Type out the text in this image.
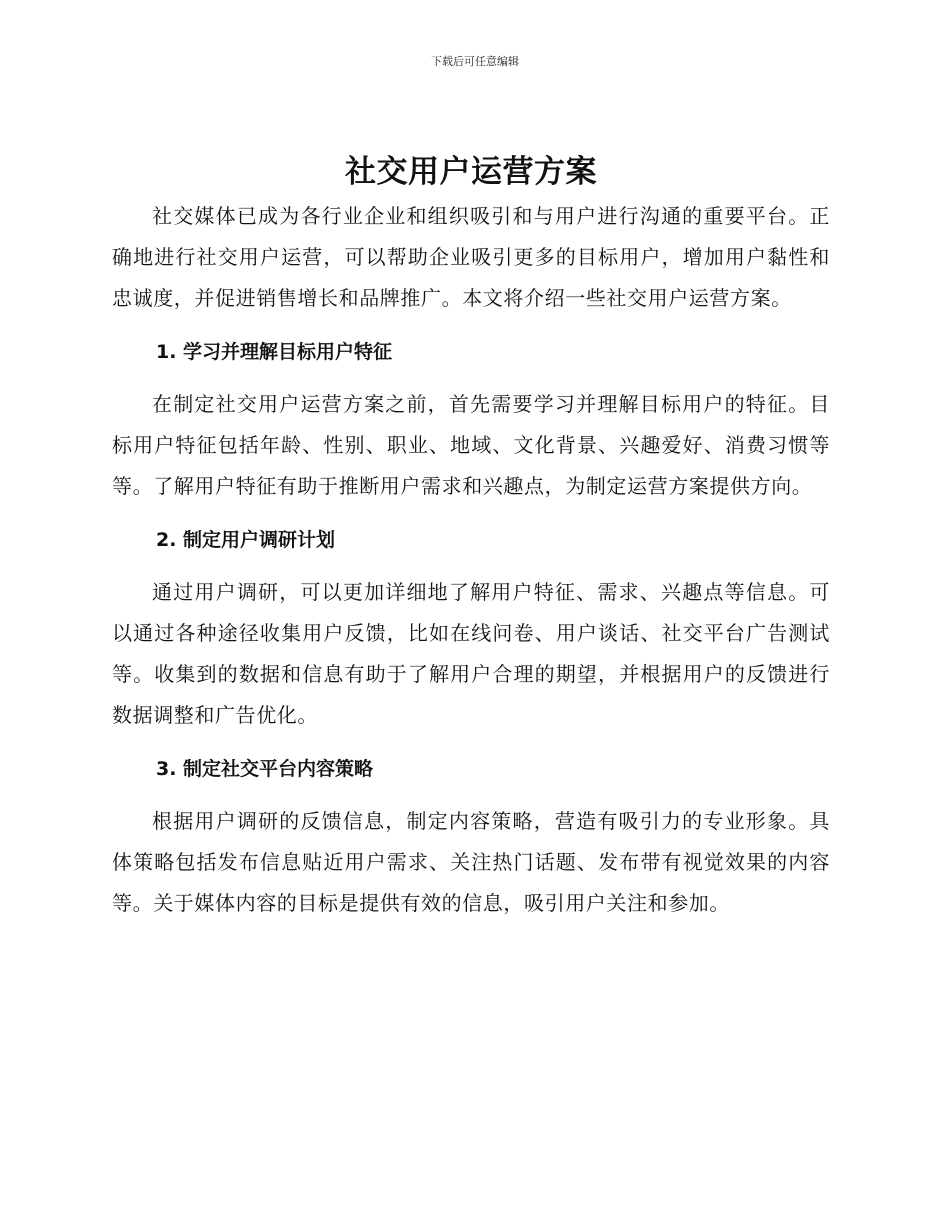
下载后可任意编辑
社交用户运营方案

社交媒体已成为各行业企业和组织吸引和与用户进行沟通的重要平台。正确地进行社交用户运营，可以帮助企业吸引更多的目标用户，增加用户黏性和忠诚度，并促进销售增长和品牌推广。本文将介绍一些社交用户运营方案。

1. 学习并理解目标用户特征

在制定社交用户运营方案之前，首先需要学习并理解目标用户的特征。目标用户特征包括年龄、性别、职业、地域、文化背景、兴趣爱好、消费习惯等等。了解用户特征有助于推断用户需求和兴趣点，为制定运营方案提供方向。

2. 制定用户调研计划

通过用户调研，可以更加详细地了解用户特征、需求、兴趣点等信息。可以通过各种途径收集用户反馈，比如在线问卷、用户谈话、社交平台广告测试等。收集到的数据和信息有助于了解用户合理的期望，并根据用户的反馈进行数据调整和广告优化。

3. 制定社交平台内容策略

根据用户调研的反馈信息，制定内容策略，营造有吸引力的专业形象。具体策略包括发布信息贴近用户需求、关注热门话题、发布带有视觉效果的内容等。关于媒体内容的目标是提供有效的信息，吸引用户关注和参加。
